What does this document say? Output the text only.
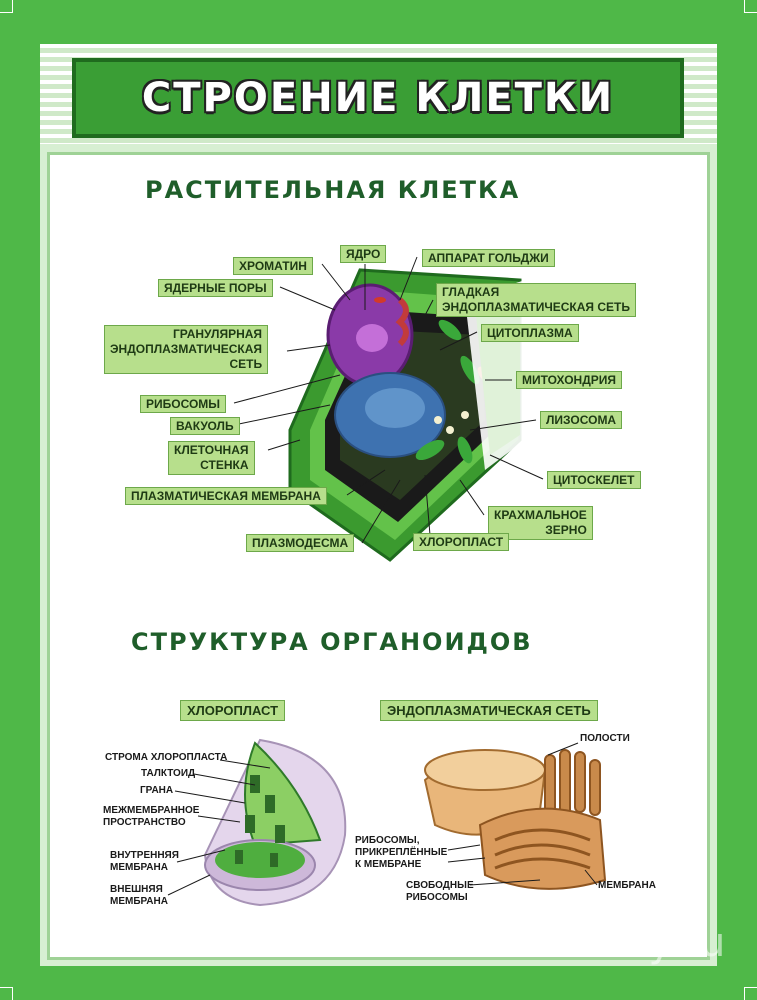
СТРОЕНИЕ КЛЕТКИ
РАСТИТЕЛЬНАЯ КЛЕТКА
ХРОМАТИН
ЯДРО	АППАРАТ ГОЛЬДЖИ
ЯДЕРНЫЕ ПОРЫ	ГЛАДКАЯ
ЭНДОПЛАЗМАТИЧЕСКАЯ СЕТЬ
ГРАНУЛЯРНАЯ
ЭНДОПЛАЗМАТИЧЕСКАЯ
СЕТЬ
ЦИТОПЛАЗМА
МИТОХОНДРИЯ
РИБОСОМЫ
ВАКУОЛЬ	ЛИЗОСОМА
КЛЕТОЧНАЯ
СТЕНКА
ЦИТОСКЕЛЕТ
ПЛАЗМАТИЧЕСКАЯ МЕМБРАНА
КРАХМАЛЬНОЕ

ЗЕРНО
ПЛАЗМОДЕСМА	ХЛОРОПЛАСТ
СТРУКТУРА ОРГАНОИДОВ
ХЛОРОПЛАСТ
СТРОМА ХЛОРОПЛАСТА
ТАЛКТОИД
ГРАНА
МЕЖМЕМБРАННОЕ
ПРОСТРАНСТВО
ВНУТРЕННЯЯ
МЕМБРАНА
ВНЕШНЯЯ
МЕМБРАНА
ЭНДОПЛАЗМАТИЧЕСКАЯ СЕТЬ
ПОЛОСТИ
РИБОСОМЫ,
ПРИКРЕПЛЁННЫЕ
К МЕМБРАНЕ
СВОБОДНЫЕ
РИБОСОМЫ
МЕМБРАНА
Stendy.su
